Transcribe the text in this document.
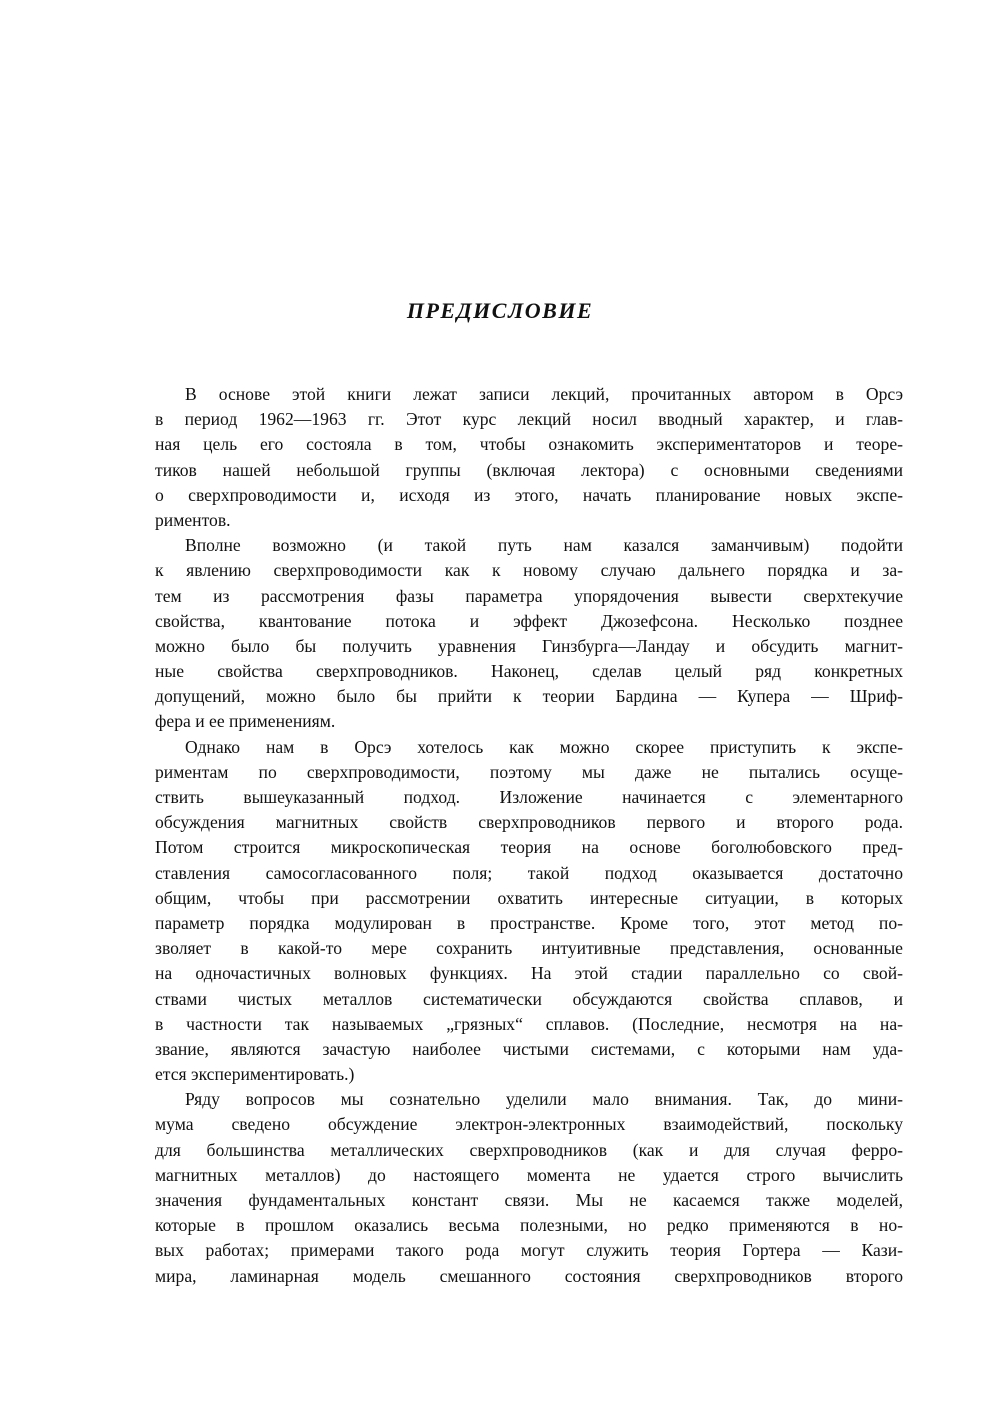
ПРЕДИСЛОВИЕ
В основе этой книги лежат записи лекций, прочитанных автором в Орсэ
в период 1962—1963 гг. Этот курс лекций носил вводный характер, и глав-
ная цель его состояла в том, чтобы ознакомить экспериментаторов и теоре-
тиков нашей небольшой группы (включая лектора) с основными сведениями
о сверхпроводимости и, исходя из этого, начать планирование новых экспе-
риментов.
Вполне возможно (и такой путь нам казался заманчивым) подойти
к явлению сверхпроводимости как к новому случаю дальнего порядка и за-
тем из рассмотрения фазы параметра упорядочения вывести сверхтекучие
свойства, квантование потока и эффект Джозефсона. Несколько позднее
можно было бы получить уравнения Гинзбурга—Ландау и обсудить магнит-
ные свойства сверхпроводников. Наконец, сделав целый ряд конкретных
допущений, можно было бы прийти к теории Бардина — Купера — Шриф-
фера и ее применениям.
Однако нам в Орсэ хотелось как можно скорее приступить к экспе-
риментам по сверхпроводимости, поэтому мы даже не пытались осуще-
ствить вышеуказанный подход. Изложение начинается с элементарного
обсуждения магнитных свойств сверхпроводников первого и второго рода.
Потом строится микроскопическая теория на основе боголюбовского пред-
ставления самосогласованного поля; такой подход оказывается достаточно
общим, чтобы при рассмотрении охватить интересные ситуации, в которых
параметр порядка модулирован в пространстве. Кроме того, этот метод по-
зволяет в какой-то мере сохранить интуитивные представления, основанные
на одночастичных волновых функциях. На этой стадии параллельно со свой-
ствами чистых металлов систематически обсуждаются свойства сплавов, и
в частности так называемых „грязных“ сплавов. (Последние, несмотря на на-
звание, являются зачастую наиболее чистыми системами, с которыми нам уда-
ется экспериментировать.)
Ряду вопросов мы сознательно уделили мало внимания. Так, до мини-
мума сведено обсуждение электрон-электронных взаимодействий, поскольку
для большинства металлических сверхпроводников (как и для случая ферро-
магнитных металлов) до настоящего момента не удается строго вычислить
значения фундаментальных констант связи. Мы не касаемся также моделей,
которые в прошлом оказались весьма полезными, но редко применяются в но-
вых работах; примерами такого рода могут служить теория Гортера — Кази-
мира, ламинарная модель смешанного состояния сверхпроводников второго
